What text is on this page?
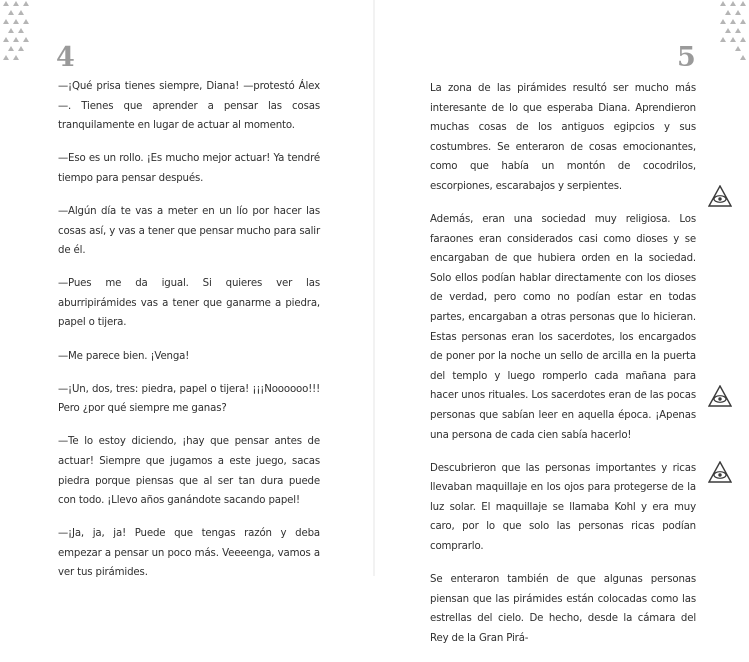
4

—¡Qué prisa tienes siempre, Diana! —protestó Álex—. Tienes que aprender a pensar las cosas tranquilamente en lugar de actuar al momento.

—Eso es un rollo. ¡Es mucho mejor actuar! Ya tendré tiempo para pensar después.

—Algún día te vas a meter en un lío por hacer las cosas así, y vas a tener que pensar mucho para salir de él.

—Pues me da igual. Si quieres ver las aburripirámides vas a tener que ganarme a piedra, papel o tijera.

—Me parece bien. ¡Venga!

—¡Un, dos, tres: piedra, papel o tijera! ¡¡¡Noooooo!!! Pero ¿por qué siempre me ganas?

—Te lo estoy diciendo, ¡hay que pensar antes de actuar! Siempre que jugamos a este juego, sacas piedra porque piensas que al ser tan dura puede con todo. ¡Llevo años ganándote sacando papel!

—¡Ja, ja, ja! Puede que tengas razón y deba empezar a pensar un poco más. Veeeenga, vamos a ver tus pirámides.

5

La zona de las pirámides resultó ser mucho más interesante de lo que esperaba Diana. Aprendieron muchas cosas de los antiguos egipcios y sus costumbres. Se enteraron de cosas emocionantes, como que había un montón de cocodrilos, escorpiones, escarabajos y serpientes.

Además, eran una sociedad muy religiosa. Los faraones eran considerados casi como dioses y se encargaban de que hubiera orden en la sociedad. Solo ellos podían hablar directamente con los dioses de verdad, pero como no podían estar en todas partes, encargaban a otras personas que lo hicieran. Estas personas eran los sacerdotes, los encargados de poner por la noche un sello de arcilla en la puerta del templo y luego romperlo cada mañana para hacer unos rituales. Los sacerdotes eran de las pocas personas que sabían leer en aquella época. ¡Apenas una persona de cada cien sabía hacerlo!

Descubrieron que las personas importantes y ricas llevaban maquillaje en los ojos para protegerse de la luz solar. El maquillaje se llamaba Kohl y era muy caro, por lo que solo las personas ricas podían comprarlo.

Se enteraron también de que algunas personas piensan que las pirámides están colocadas como las estrellas del cielo. De hecho, desde la cámara del Rey de la Gran Pirá-
